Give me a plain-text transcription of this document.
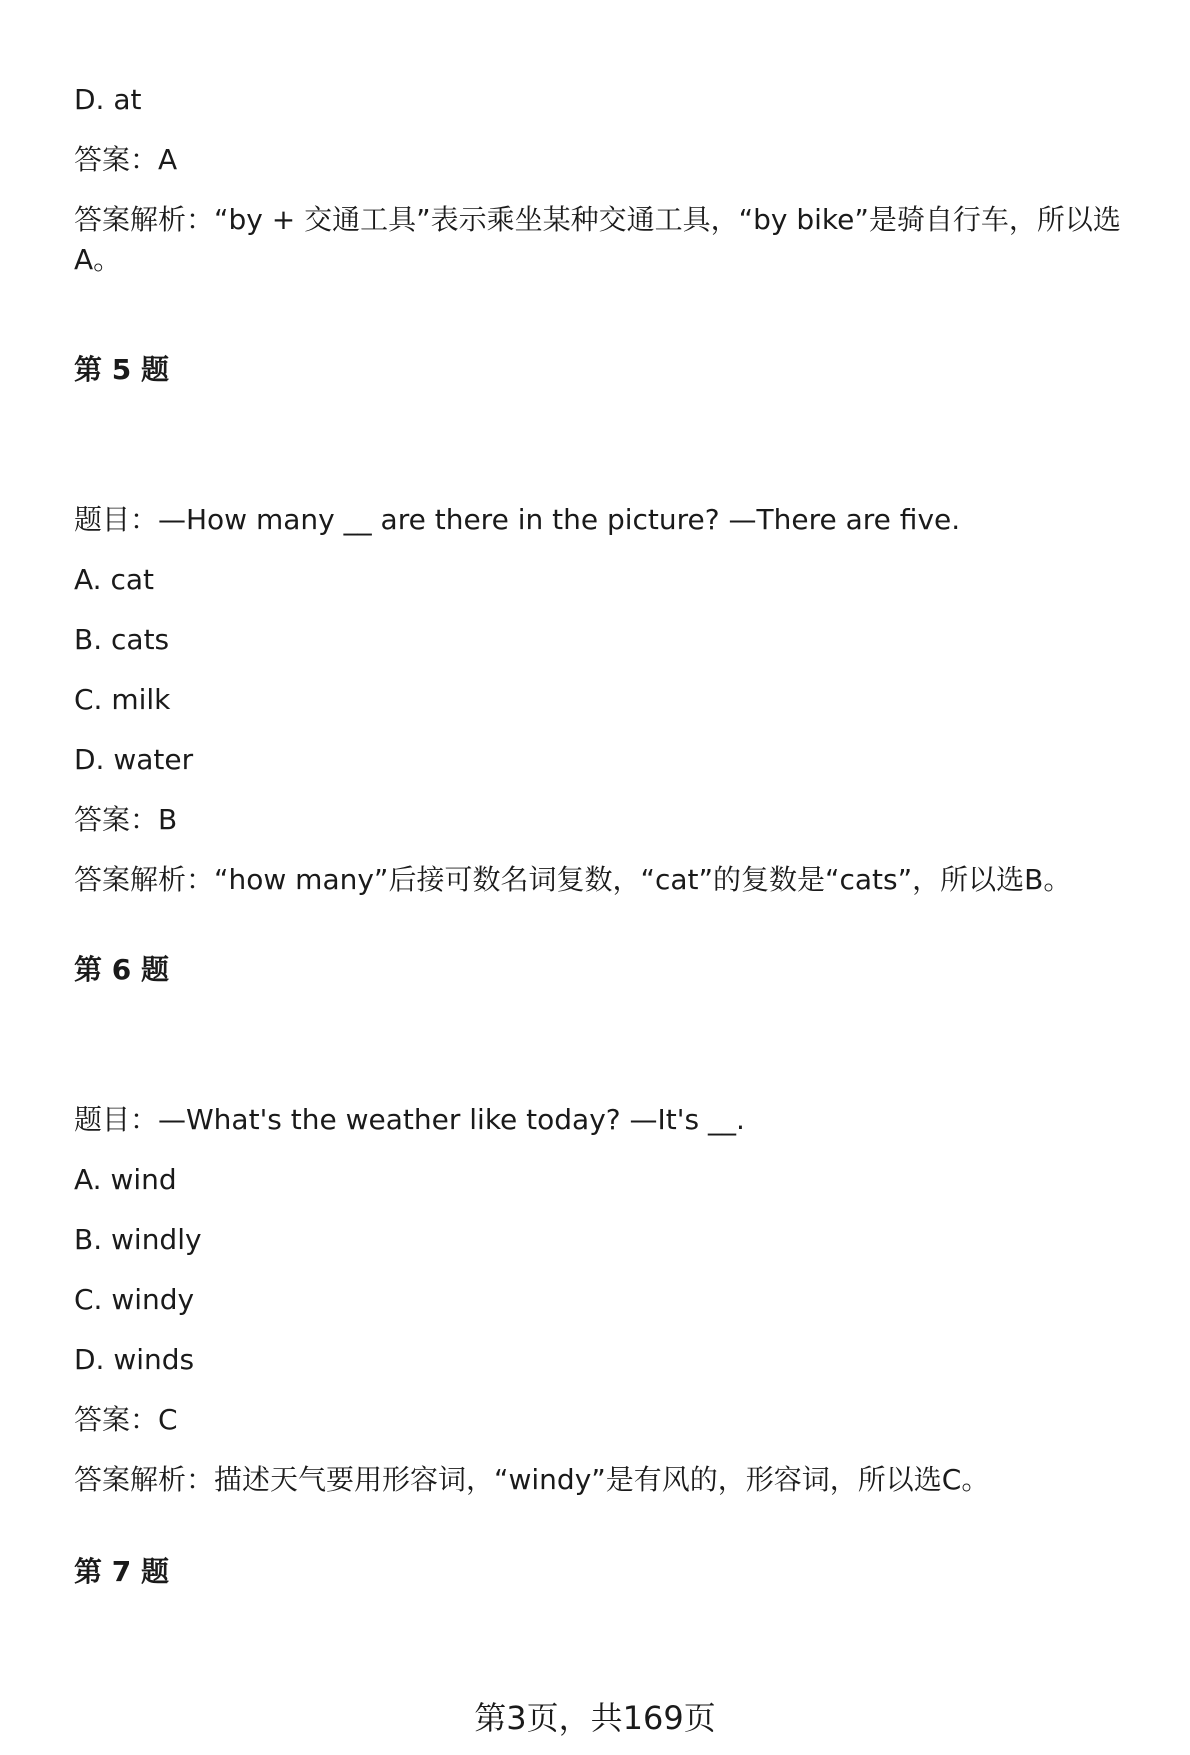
D. at
答案：A
答案解析：“by + 交通工具”表示乘坐某种交通工具，“by bike”是骑自行车，所以选A。
第 5 题
题目：—How many __ are there in the picture? —There are five.
A. cat
B. cats
C. milk
D. water
答案：B
答案解析：“how many”后接可数名词复数，“cat”的复数是“cats”，所以选B。
第 6 题
题目：—What's the weather like today? —It's __.
A. wind
B. windly
C. windy
D. winds
答案：C
答案解析：描述天气要用形容词，“windy”是有风的，形容词，所以选C。
第 7 题
第3页，共169页
